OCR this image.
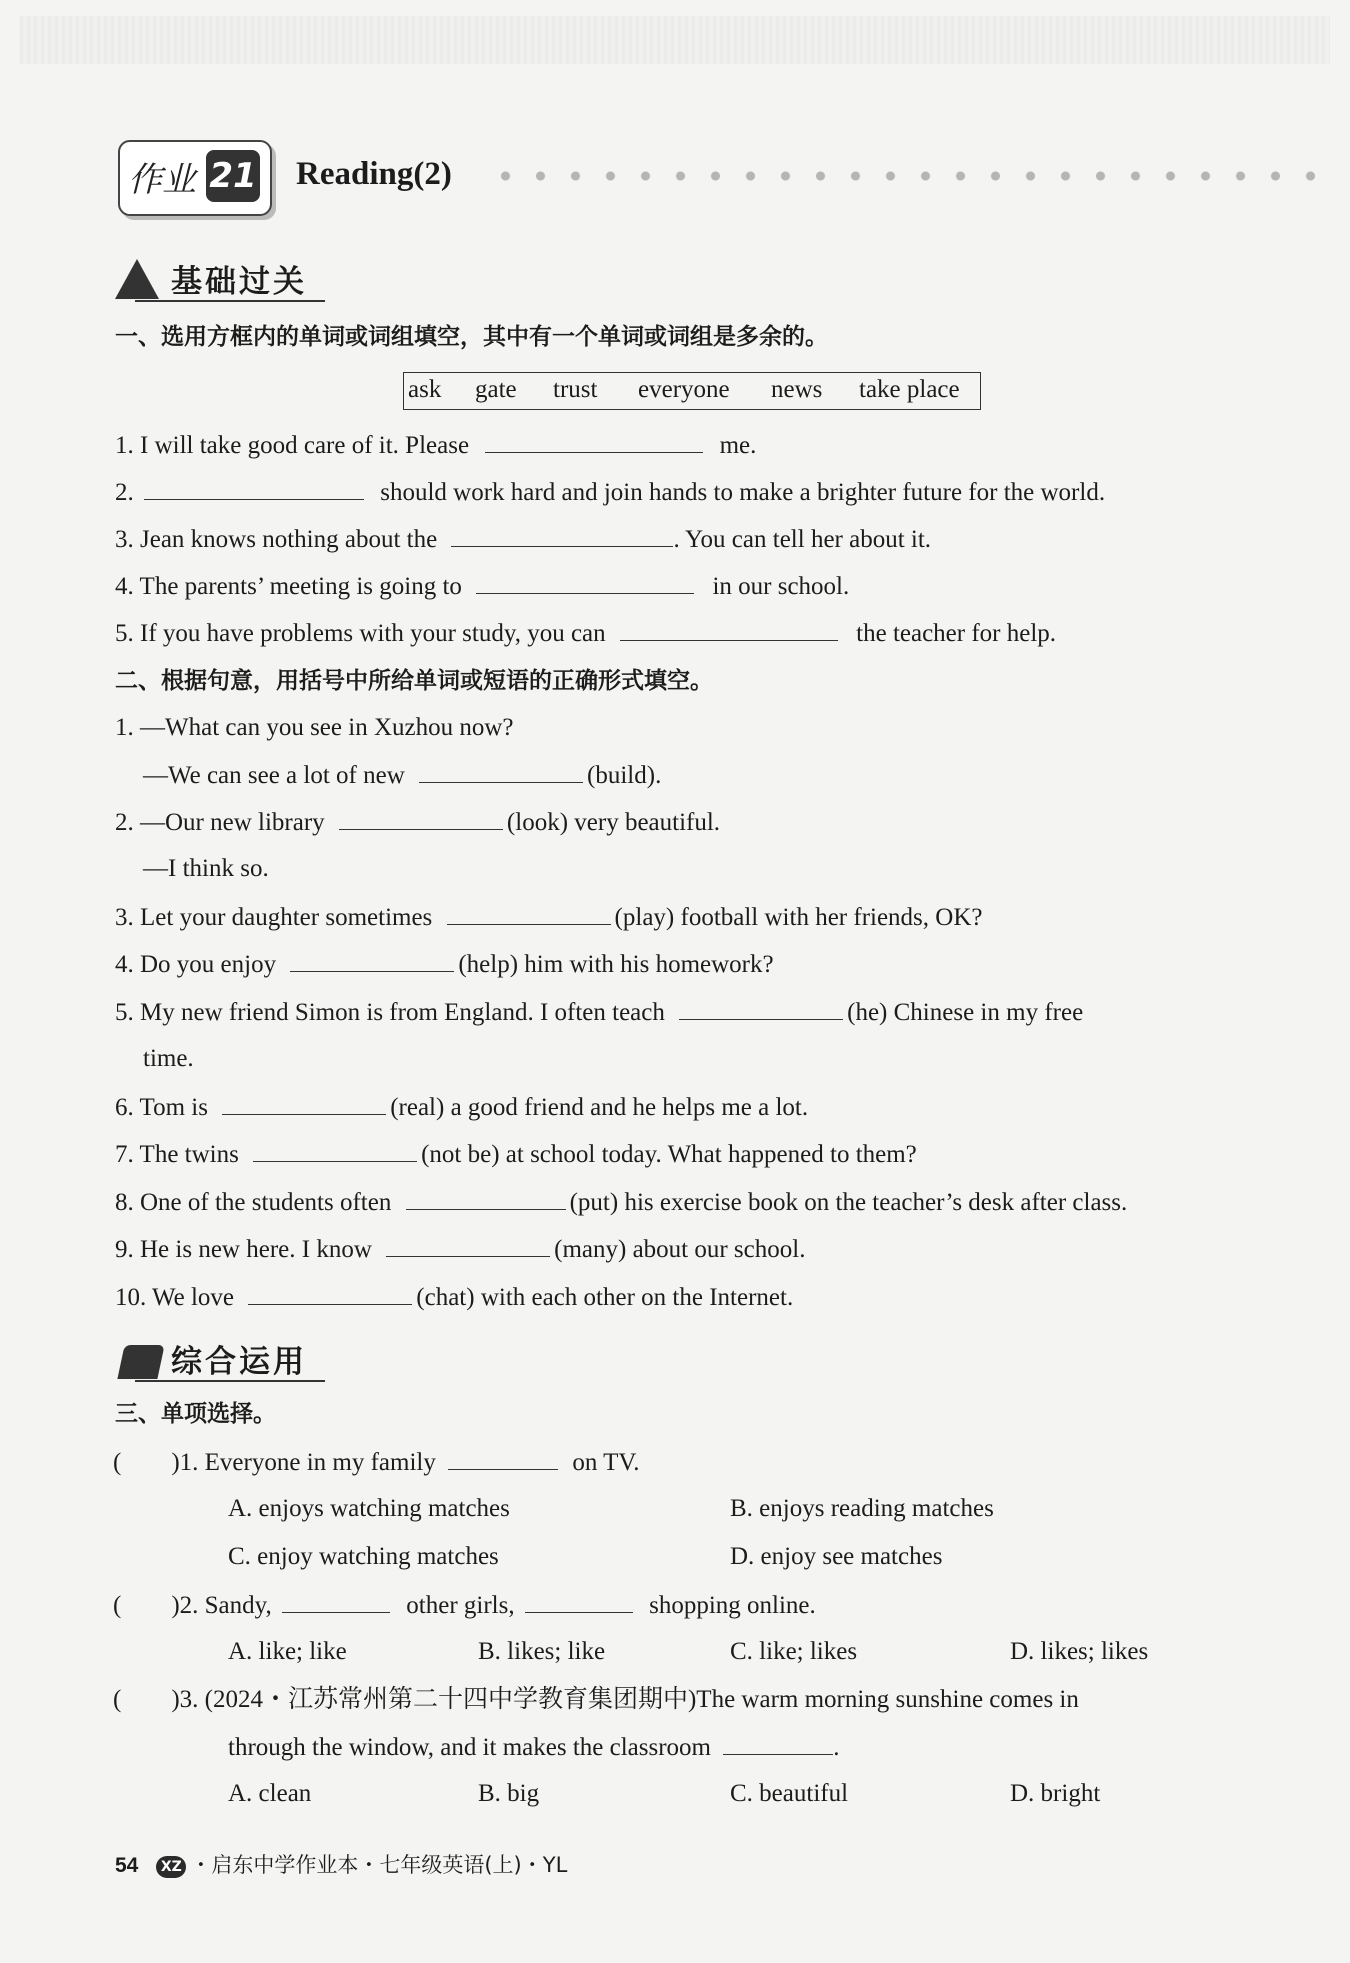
作业 21 Reading(2)
基础过关
一、选用方框内的单词或词组填空，其中有一个单词或词组是多余的。
ask gate trust everyone news take place
1. I will take good care of it. Please	me.
2.	should work hard and join hands to make a brighter future for the world.
3. Jean knows nothing about the	. You can tell her about it.
4. The parents’ meeting is going to	in our school.
5. If you have problems with your study, you can	the teacher for help.
二、根据句意，用括号中所给单词或短语的正确形式填空。
1. —What can you see in Xuzhou now?
—We can see a lot of new	(build).
2. —Our new library	(look) very beautiful.
—I think so.
3. Let your daughter sometimes	(play) football with her friends, OK?
4. Do you enjoy	(help) him with his homework?
5. My new friend Simon is from England. I often teach	(he) Chinese in my free
time.
6. Tom is	(real) a good friend and he helps me a lot.
7. The twins	(not be) at school today. What happened to them?
8. One of the students often	(put) his exercise book on the teacher’s desk after class.
9. He is new here. I know	(many) about our school.
10. We love	(chat) with each other on the Internet.
综合运用
三、单项选择。
(　　)1. Everyone in my family	on TV.
A. enjoys watching matches	B. enjoys reading matches
C. enjoy watching matches	D. enjoy see matches
(　　)2. Sandy,	other girls,	shopping online.
A. like; like	B. likes; like	C. like; likes	D. likes; likes
(　　)3. (2024・江苏常州第二十四中学教育集团期中)The warm morning sunshine comes in
through the window, and it makes the classroom	.
A. clean	B. big	C. beautiful	D. bright
54 XZ ・启东中学作业本・七年级英语(上)・YL
